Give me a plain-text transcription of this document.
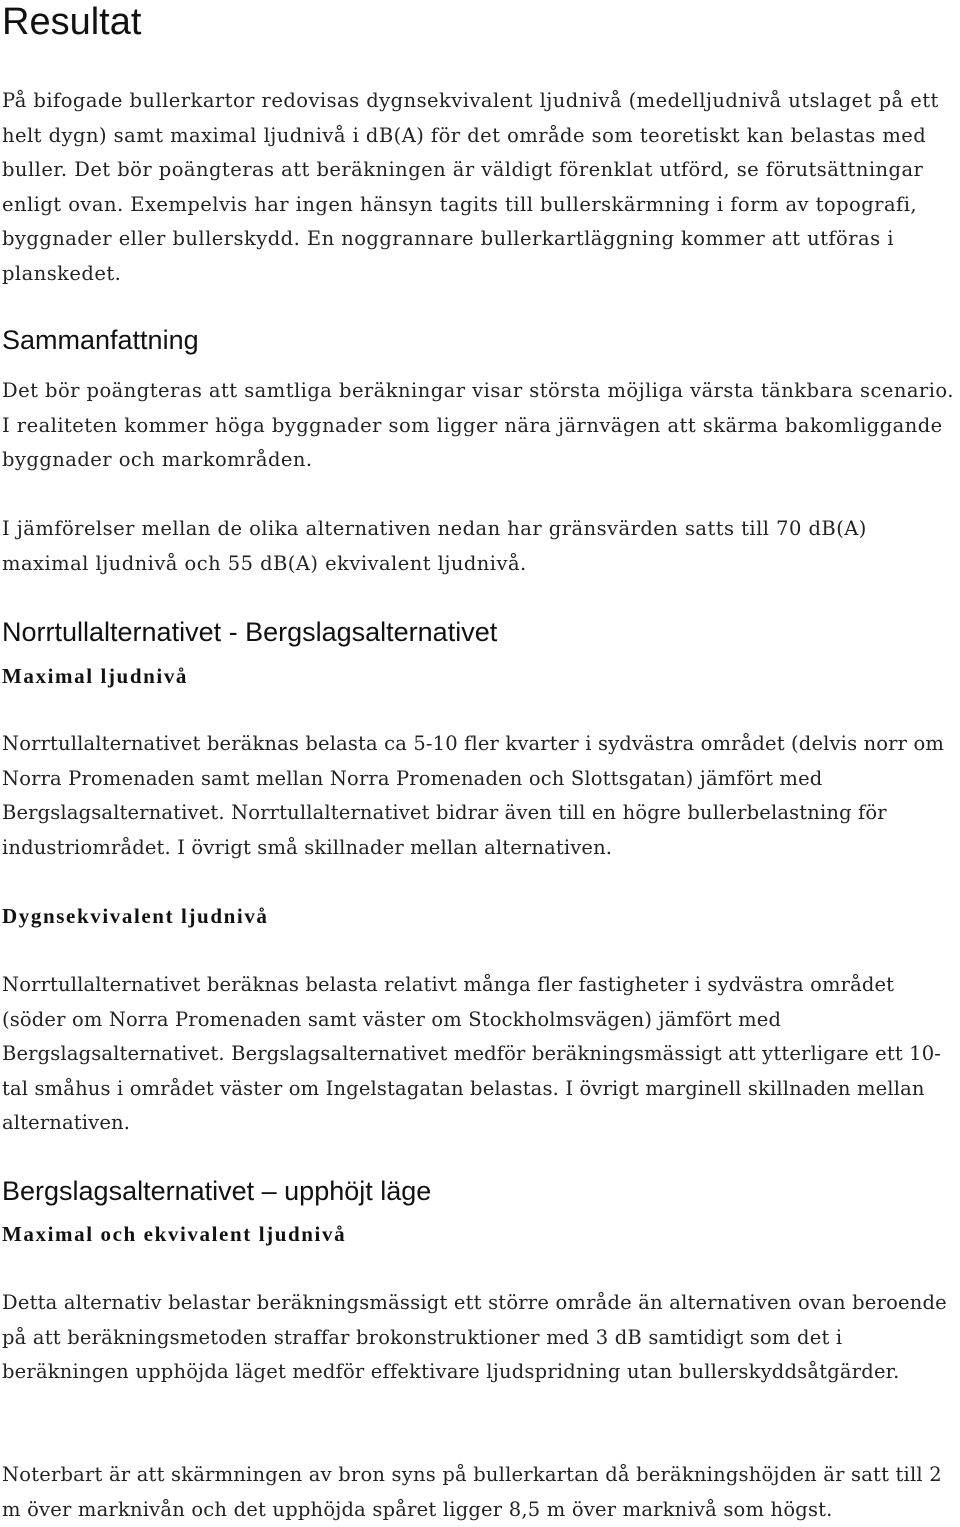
Resultat

På bifogade bullerkartor redovisas dygnsekvivalent ljudnivå (medelljudnivå utslaget på ett helt dygn) samt maximal ljudnivå i dB(A) för det område som teoretiskt kan belastas med buller. Det bör poängteras att beräkningen är väldigt förenklat utförd, se förutsättningar enligt ovan. Exempelvis har ingen hänsyn tagits till bullerskärmning i form av topografi, byggnader eller bullerskydd. En noggrannare bullerkartläggning kommer att utföras i planskedet.

Sammanfattning

Det bör poängteras att samtliga beräkningar visar största möjliga värsta tänkbara scenario. I realiteten kommer höga byggnader som ligger nära järnvägen att skärma bakomliggande byggnader och markområden.

I jämförelser mellan de olika alternativen nedan har gränsvärden satts till 70 dB(A) maximal ljudnivå och 55 dB(A) ekvivalent ljudnivå.

Norrtullalternativet - Bergslagsalternativet
Maximal ljudnivå

Norrtullalternativet beräknas belasta ca 5-10 fler kvarter i sydvästra området (delvis norr om Norra Promenaden samt mellan Norra Promenaden och Slottsgatan) jämfört med Bergslagsalternativet. Norrtullalternativet bidrar även till en högre bullerbelastning för industriområdet. I övrigt små skillnader mellan alternativen.

Dygnsekvivalent ljudnivå

Norrtullalternativet beräknas belasta relativt många fler fastigheter i sydvästra området (söder om Norra Promenaden samt väster om Stockholmsvägen) jämfört med Bergslagsalternativet. Bergslagsalternativet medför beräkningsmässigt att ytterligare ett 10-tal småhus i området väster om Ingelstagatan belastas. I övrigt marginell skillnaden mellan alternativen.

Bergslagsalternativet – upphöjt läge
Maximal och ekvivalent ljudnivå

Detta alternativ belastar beräkningsmässigt ett större område än alternativen ovan beroende på att beräkningsmetoden straffar brokonstruktioner med 3 dB samtidigt som det i beräkningen upphöjda läget medför effektivare ljudspridning utan bullerskyddsåtgärder.

Noterbart är att skärmningen av bron syns på bullerkartan då beräkningshöjden är satt till 2 m över marknivån och det upphöjda spåret ligger 8,5 m över marknivå som högst.
